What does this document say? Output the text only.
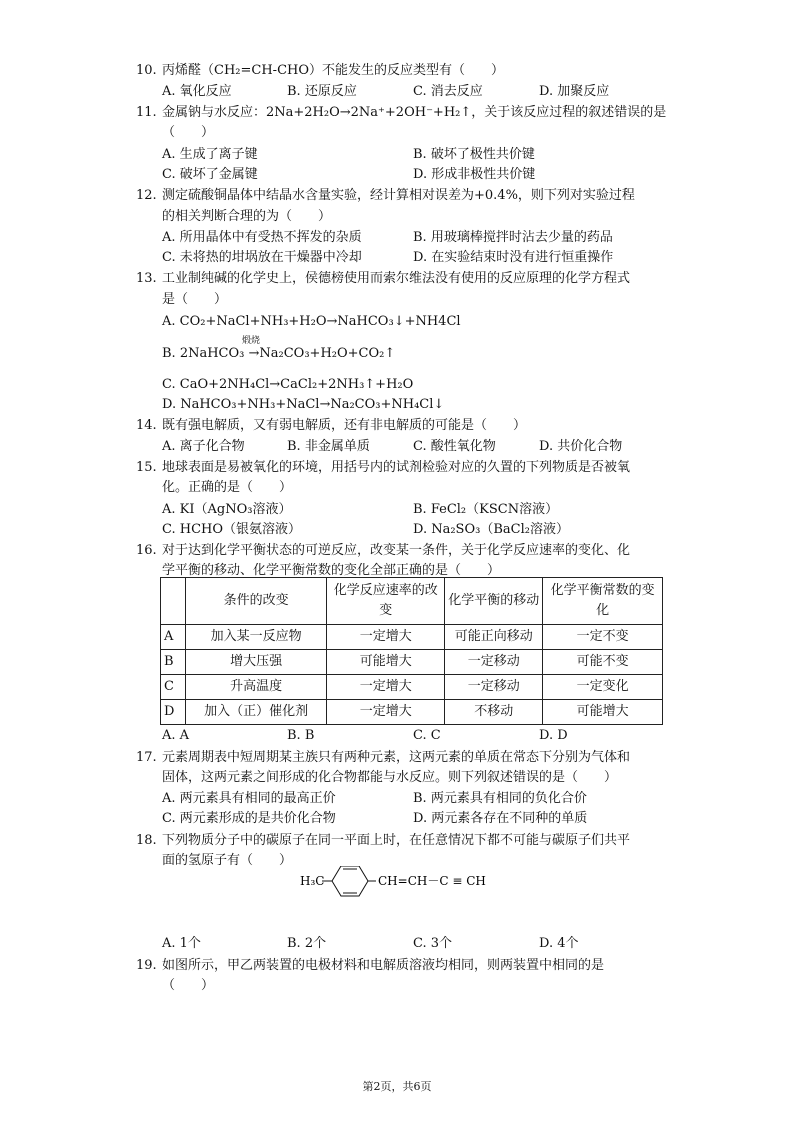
10. 丙烯醛（CH₂=CH-CHO）不能发生的反应类型有（　　）
A. 氧化反应	B. 还原反应	C. 消去反应	D. 加聚反应
11. 金属钠与水反应：2Na+2H₂O→2Na⁺+2OH⁻+H₂↑，关于该反应过程的叙述错误的是
（　　）
A. 生成了离子键	B. 破坏了极性共价键
C. 破坏了金属键	D. 形成非极性共价键
12. 测定硫酸铜晶体中结晶水含量实验，经计算相对误差为+0.4%，则下列对实验过程
的相关判断合理的为（　　）
A. 所用晶体中有受热不挥发的杂质	B. 用玻璃棒搅拌时沾去少量的药品
C. 未将热的坩埚放在干燥器中冷却	D. 在实验结束时没有进行恒重操作
13. 工业制纯碱的化学史上，侯德榜使用而索尔维法没有使用的反应原理的化学方程式
是（　　）
A. CO₂+NaCl+NH₃+H₂O→NaHCO₃↓+NH4Cl
煅烧
B. 2NaHCO₃ →Na₂CO₃+H₂O+CO₂↑
C. CaO+2NH₄Cl→CaCl₂+2NH₃↑+H₂O
D. NaHCO₃+NH₃+NaCl→Na₂CO₃+NH₄Cl↓
14. 既有强电解质，又有弱电解质，还有非电解质的可能是（　　）
A. 离子化合物	B. 非金属单质	C. 酸性氧化物	D. 共价化合物
15. 地球表面是易被氧化的环境，用括号内的试剂检验对应的久置的下列物质是否被氧
化。正确的是（　　）
A. KI（AgNO₃溶液）	B. FeCl₂（KSCN溶液）
C. HCHO（银氨溶液）	D. Na₂SO₃（BaCl₂溶液）
16. 对于达到化学平衡状态的可逆反应，改变某一条件，关于化学反应速率的变化、化
学平衡的移动、化学平衡常数的变化全部正确的是（　　）
	条件的改变	化学反应速率的改变	化学平衡的移动	化学平衡常数的变化
A	加入某一反应物	一定增大	可能正向移动	一定不变
B	增大压强	可能增大	一定移动	可能不变
C	升高温度	一定增大	一定移动	一定变化
D	加入（正）催化剂	一定增大	不移动	可能增大
A. A	B. B	C. C	D. D
17. 元素周期表中短周期某主族只有两种元素，这两元素的单质在常态下分别为气体和
固体，这两元素之间形成的化合物都能与水反应。则下列叙述错误的是（　　）
A. 两元素具有相同的最高正价	B. 两元素具有相同的负化合价
C. 两元素形成的是共价化合物	D. 两元素各存在不同种的单质
18. 下列物质分子中的碳原子在同一平面上时，在任意情况下都不可能与碳原子们共平
面的氢原子有（　　）
H₃C	CH=CH－C ≡ CH
A. 1个	B. 2个	C. 3个	D. 4个
19. 如图所示，甲乙两装置的电极材料和电解质溶液均相同，则两装置中相同的是
（　　）
第2页，共6页
